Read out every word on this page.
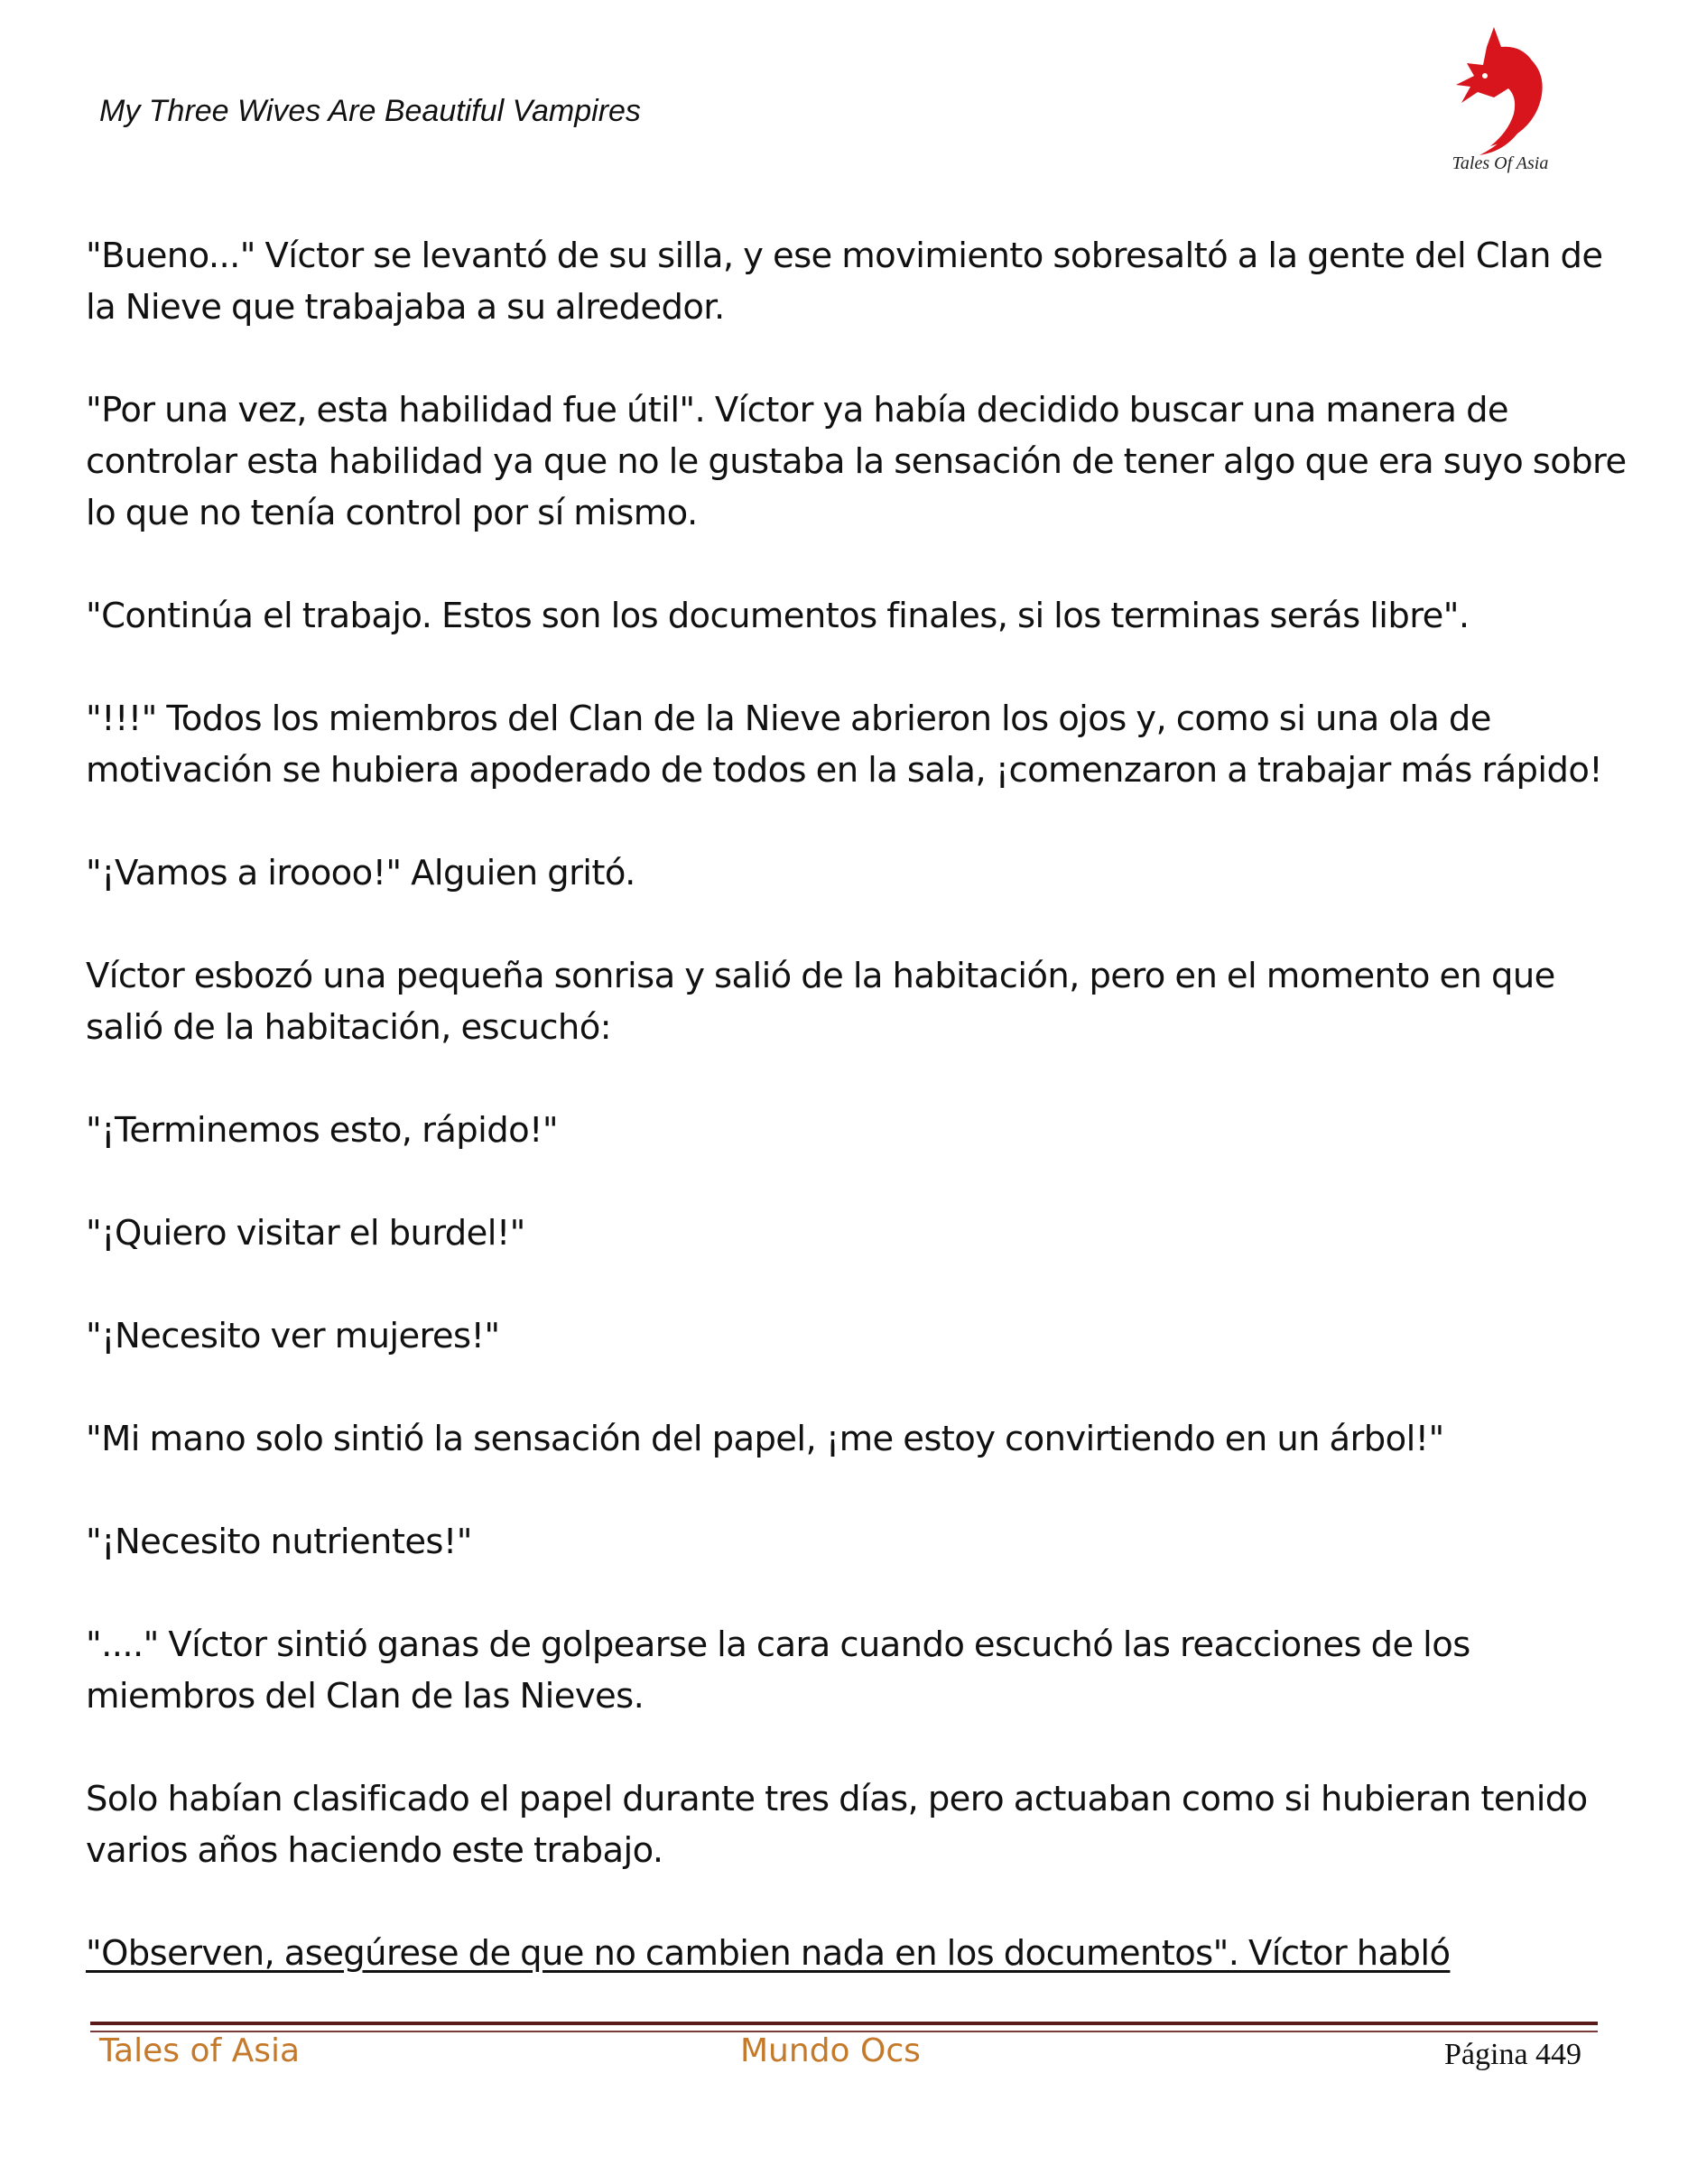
My Three Wives Are Beautiful Vampires
Tales Of Asia

"Bueno..." Víctor se levantó de su silla, y ese movimiento sobresaltó a la gente del Clan de la Nieve que trabajaba a su alrededor.

"Por una vez, esta habilidad fue útil". Víctor ya había decidido buscar una manera de controlar esta habilidad ya que no le gustaba la sensación de tener algo que era suyo sobre lo que no tenía control por sí mismo.

"Continúa el trabajo. Estos son los documentos finales, si los terminas serás libre".

"!!!" Todos los miembros del Clan de la Nieve abrieron los ojos y, como si una ola de motivación se hubiera apoderado de todos en la sala, ¡comenzaron a trabajar más rápido!

"¡Vamos a iroooo!" Alguien gritó.

Víctor esbozó una pequeña sonrisa y salió de la habitación, pero en el momento en que salió de la habitación, escuchó:

"¡Terminemos esto, rápido!"

"¡Quiero visitar el burdel!"

"¡Necesito ver mujeres!"

"Mi mano solo sintió la sensación del papel, ¡me estoy convirtiendo en un árbol!"

"¡Necesito nutrientes!"

"...." Víctor sintió ganas de golpearse la cara cuando escuchó las reacciones de los miembros del Clan de las Nieves.

Solo habían clasificado el papel durante tres días, pero actuaban como si hubieran tenido varios años haciendo este trabajo.

"Observen, asegúrese de que no cambien nada en los documentos". Víctor habló

Tales of Asia	Mundo Ocs	Página 449
